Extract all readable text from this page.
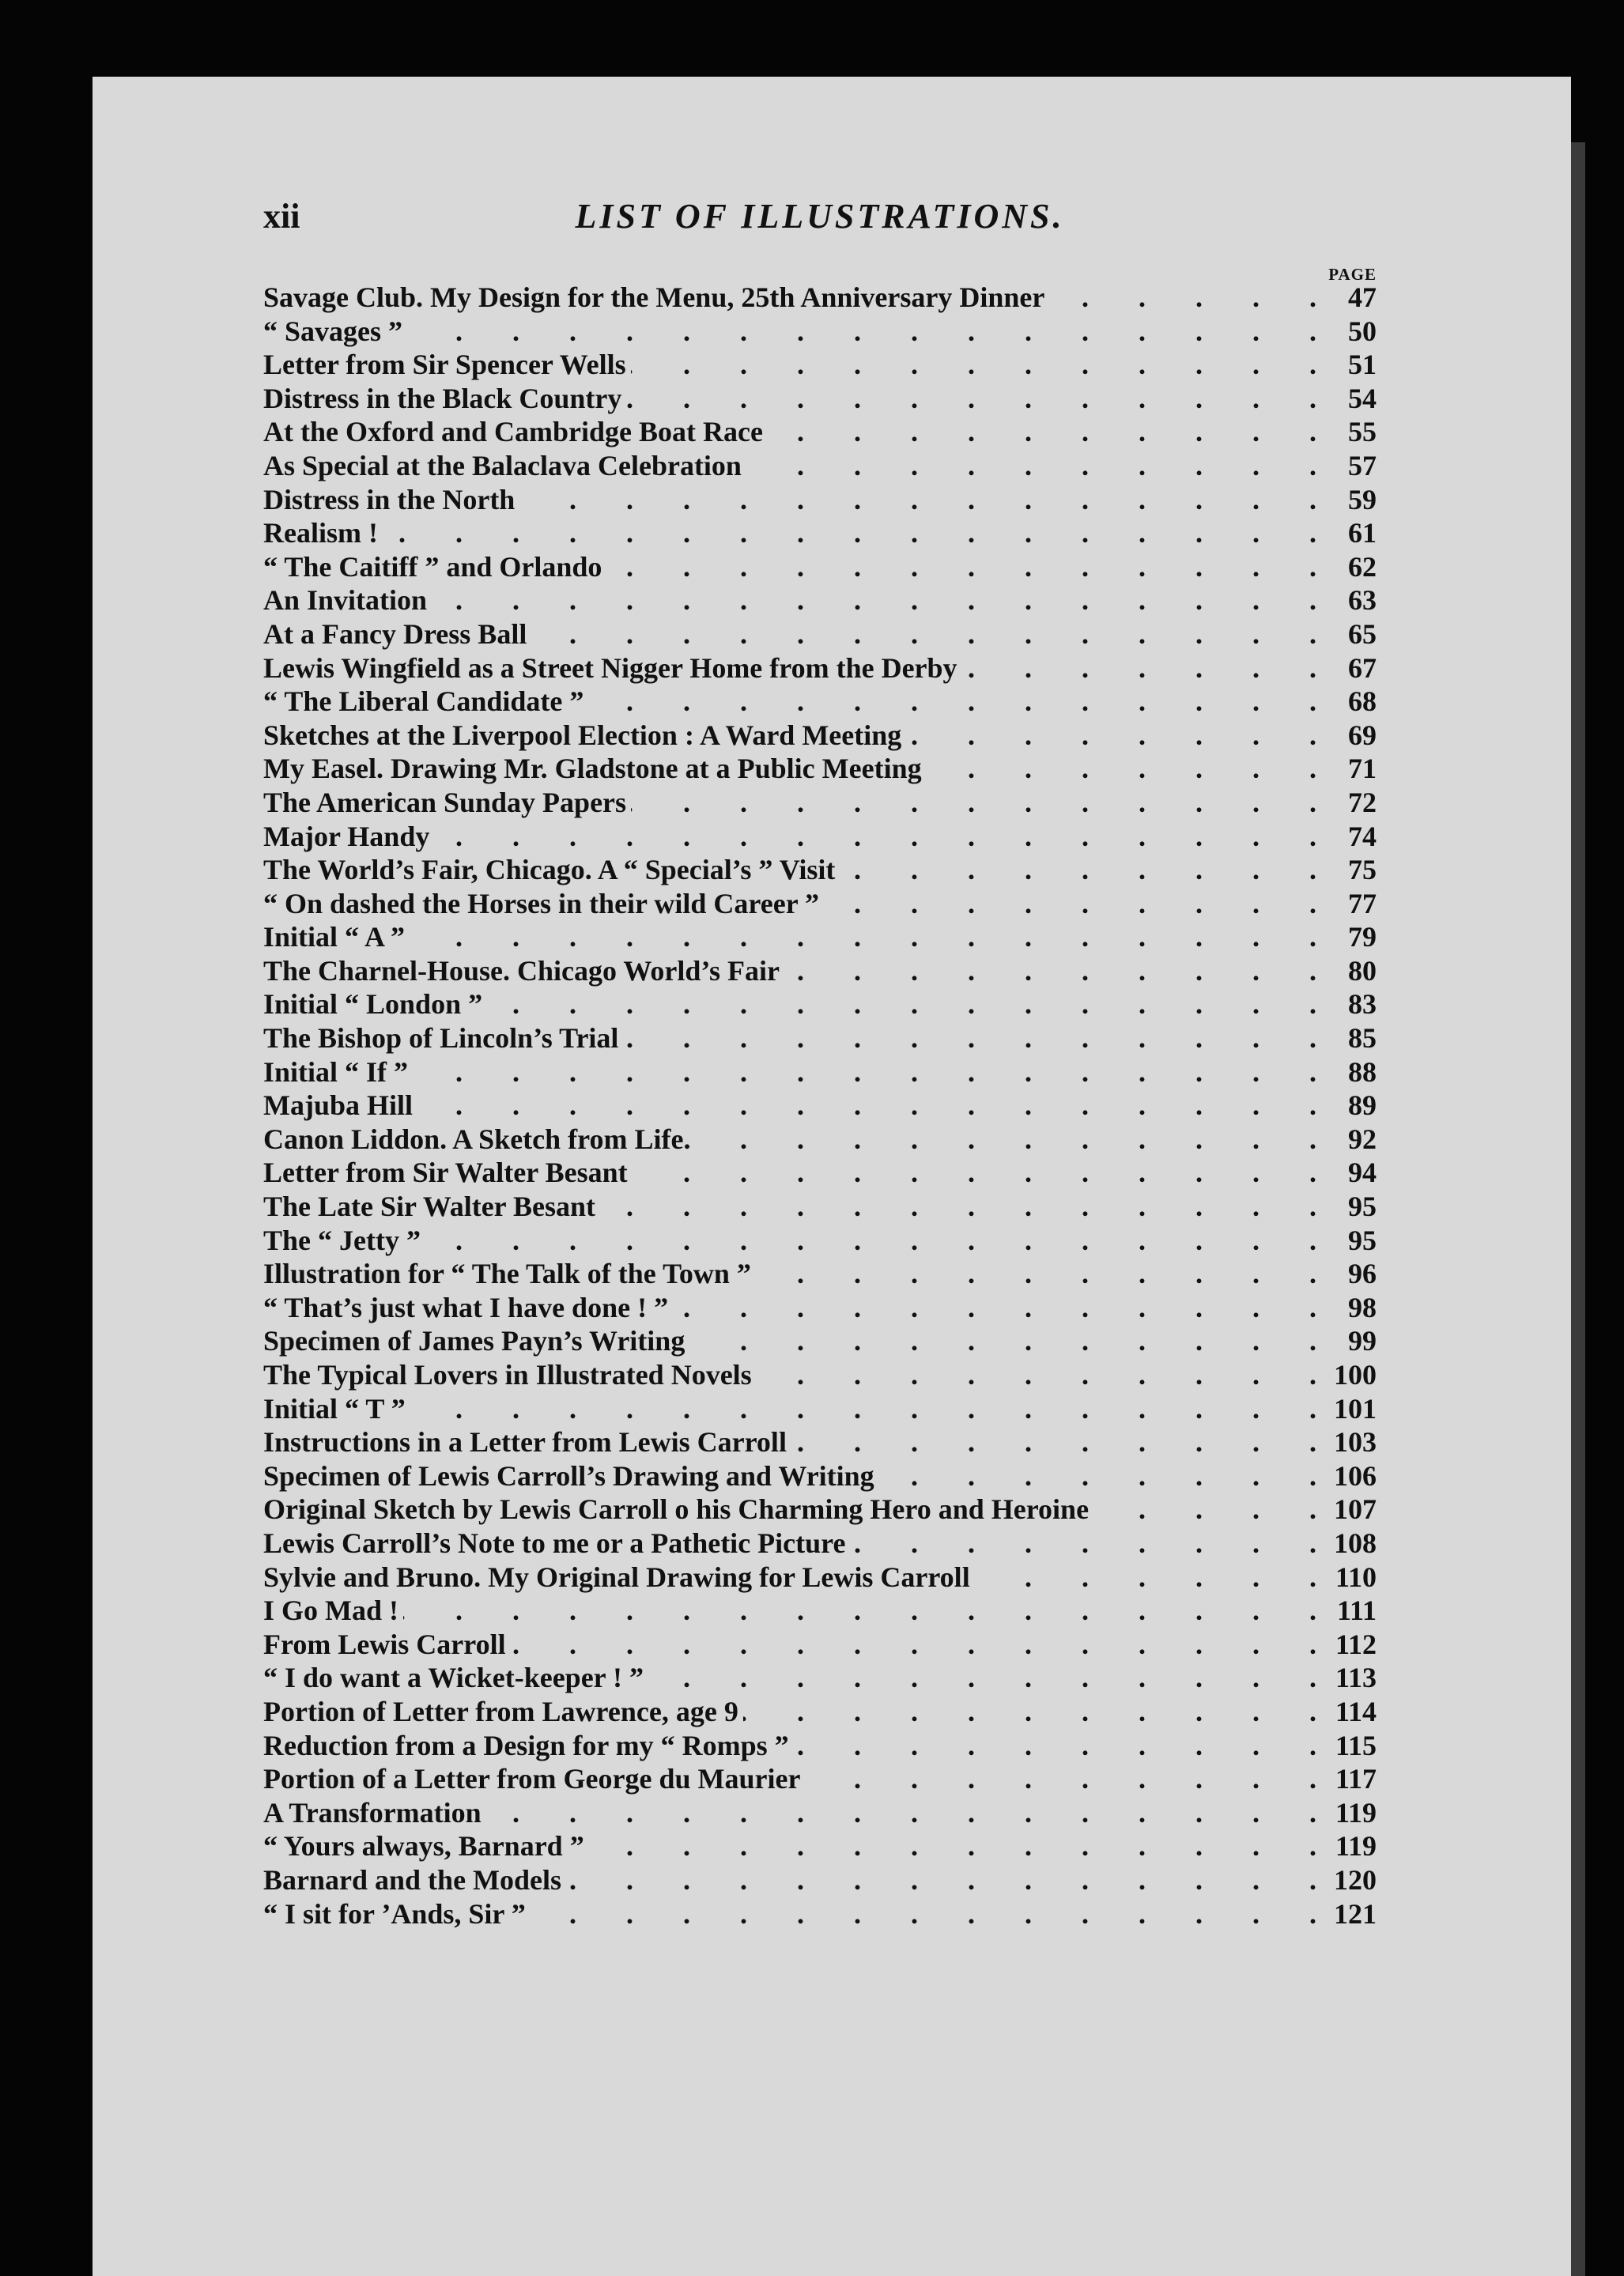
xii	LIST OF ILLUSTRATIONS.
PAGE
Savage Club. My Design for the Menu, 25th Anniversary Dinner .	47
“ Savages ” .	50
Letter from Sir Spencer Wells .	51
Distress in the Black Country .	54
At the Oxford and Cambridge Boat Race .	55
As Special at the Balaclava Celebration .	57
Distress in the North .	59
Realism ! .	61
“ The Caitiff ” and Orlando .	62
An Invitation .	63
At a Fancy Dress Ball .	65
Lewis Wingfield as a Street Nigger Home from the Derby .	67
“ The Liberal Candidate ” .	68
Sketches at the Liverpool Election : A Ward Meeting .	69
My Easel. Drawing Mr. Gladstone at a Public Meeting .	71
The American Sunday Papers .	72
Major Handy .	74
The World’s Fair, Chicago. A “ Special’s ” Visit .	75
“ On dashed the Horses in their wild Career ” .	77
Initial “ A ” .	79
The Charnel-House. Chicago World’s Fair .	80
Initial “ London ” .	83
The Bishop of Lincoln’s Trial .	85
Initial “ If ” .	88
Majuba Hill .	89
Canon Liddon. A Sketch from Life. .	92
Letter from Sir Walter Besant .	94
The Late Sir Walter Besant .	95
The “ Jetty ” .	95
Illustration for “ The Talk of the Town ” .	96
“ That’s just what I have done ! ” .	98
Specimen of James Payn’s Writing .	99
The Typical Lovers in Illustrated Novels .	100
Initial “ T ” .	101
Instructions in a Letter from Lewis Carroll .	103
Specimen of Lewis Carroll’s Drawing and Writing .	106
Original Sketch by Lewis Carroll o his Charming Hero and Heroine .	107
Lewis Carroll’s Note to me or a Pathetic Picture .	108
Sylvie and Bruno. My Original Drawing for Lewis Carroll .	110
I Go Mad ! .	111
From Lewis Carroll .	112
“ I do want a Wicket-keeper ! ” .	113
Portion of Letter from Lawrence, age 9 .	114
Reduction from a Design for my “ Romps ” .	115
Portion of a Letter from George du Maurier .	117
A Transformation .	119
“ Yours always, Barnard ” .	119
Barnard and the Models .	120
“ I sit for ’Ands, Sir ” .	121
